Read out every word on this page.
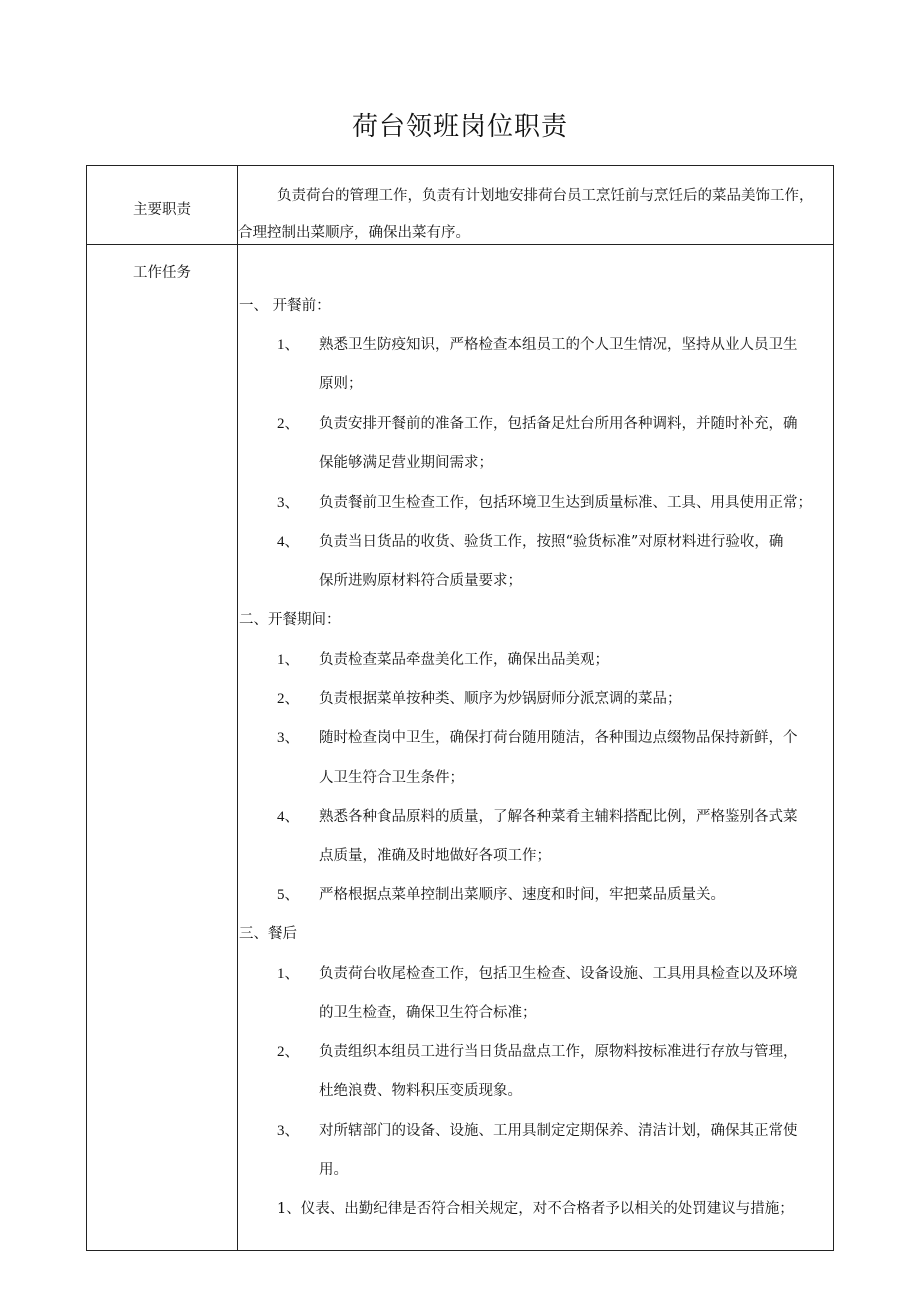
荷台领班岗位职责
主要职责
工作任务
负责荷台的管理工作，负责有计划地安排荷台员工烹饪前与烹饪后的菜品美饰工作，
合理控制出菜顺序，确保出菜有序。
一、 开餐前：
1、 熟悉卫生防疫知识，严格检查本组员工的个人卫生情况，坚持从业人员卫生
原则；
2、 负责安排开餐前的准备工作，包括备足灶台所用各种调料，并随时补充，确
保能够满足营业期间需求；
3、 负责餐前卫生检查工作，包括环境卫生达到质量标准、工具、用具使用正常；
4、 负责当日货品的收货、验货工作，按照“验货标准”对原材料进行验收，确
保所进购原材料符合质量要求；
二、开餐期间：
1、 负责检查菜品牵盘美化工作，确保出品美观；
2、 负责根据菜单按种类、顺序为炒锅厨师分派烹调的菜品；
3、 随时检查岗中卫生，确保打荷台随用随洁，各种围边点缀物品保持新鲜，个
人卫生符合卫生条件；
4、 熟悉各种食品原料的质量，了解各种菜肴主辅料搭配比例，严格鉴别各式菜
点质量，准确及时地做好各项工作；
5、 严格根据点菜单控制出菜顺序、速度和时间，牢把菜品质量关。
三、餐后
1、 负责荷台收尾检查工作，包括卫生检查、设备设施、工具用具检查以及环境
的卫生检查，确保卫生符合标准；
2、 负责组织本组员工进行当日货品盘点工作，原物料按标准进行存放与管理，
杜绝浪费、物料积压变质现象。
3、 对所辖部门的设备、设施、工用具制定定期保养、清洁计划，确保其正常使
用。
1、仪表、出勤纪律是否符合相关规定，对不合格者予以相关的处罚建议与措施；
